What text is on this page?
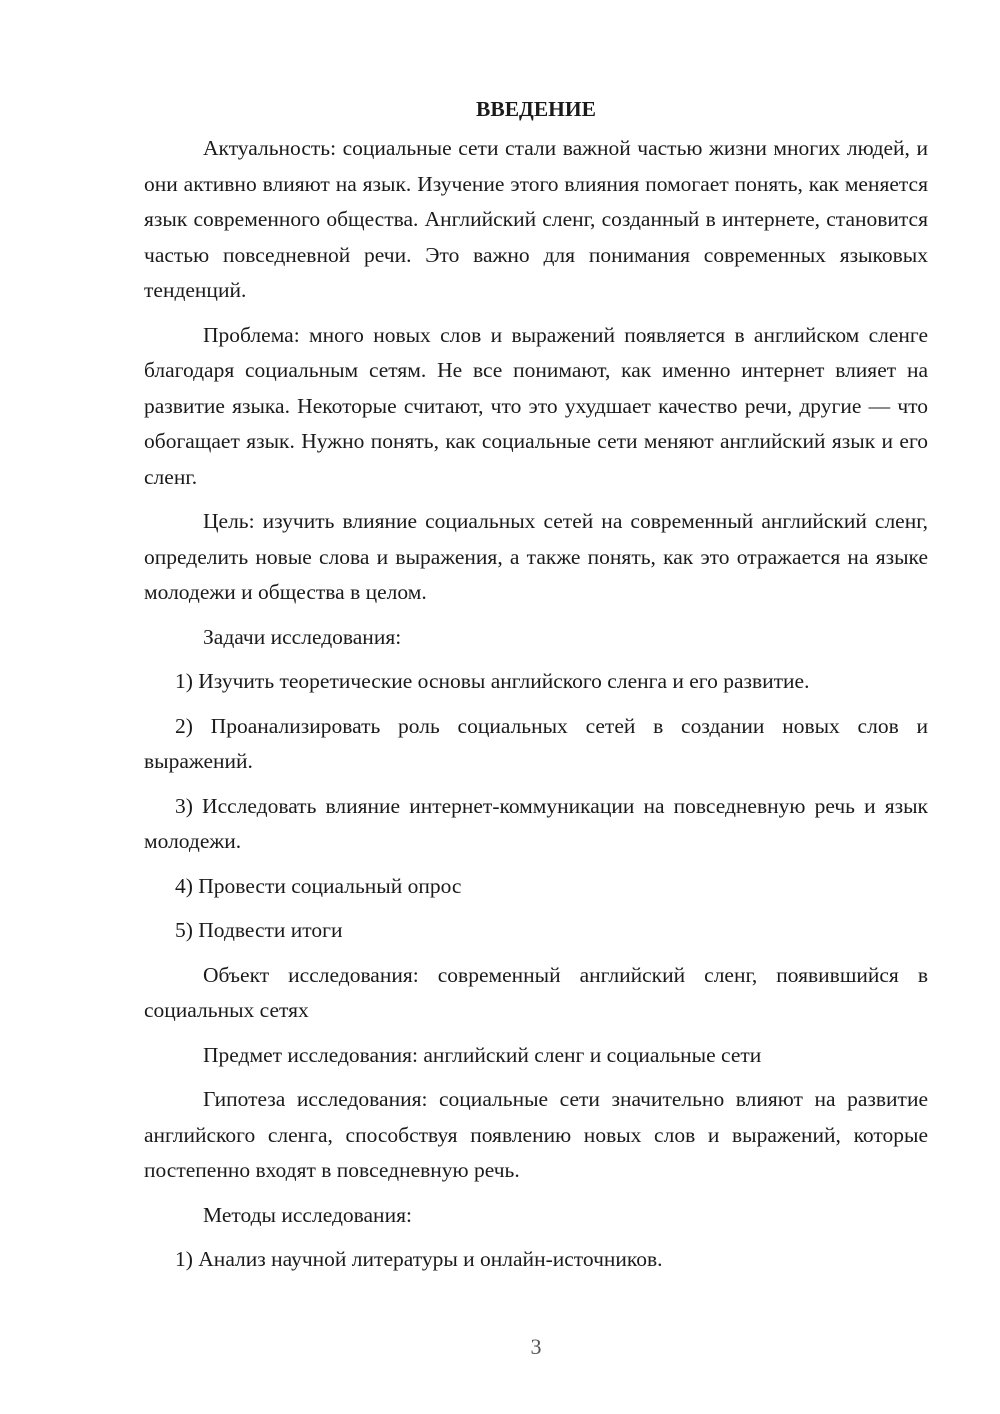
ВВЕДЕНИЕ

Актуальность: социальные сети стали важной частью жизни многих людей, и они активно влияют на язык. Изучение этого влияния помогает понять, как меняется язык современного общества. Английский сленг, созданный в интернете, становится частью повседневной речи. Это важно для понимания современных языковых тенденций.

Проблема: много новых слов и выражений появляется в английском сленге благодаря социальным сетям. Не все понимают, как именно интернет влияет на развитие языка. Некоторые считают, что это ухудшает качество речи, другие — что обогащает язык. Нужно понять, как социальные сети меняют английский язык и его сленг.

Цель: изучить влияние социальных сетей на современный английский сленг, определить новые слова и выражения, а также понять, как это отражается на языке молодежи и общества в целом.

Задачи исследования:

1) Изучить теоретические основы английского сленга и его развитие.

2) Проанализировать роль социальных сетей в создании новых слов и выражений.

3) Исследовать влияние интернет-коммуникации на повседневную речь и язык молодежи.

4) Провести социальный опрос

5) Подвести итоги

Объект исследования: современный английский сленг, появившийся в социальных сетях

Предмет исследования: английский сленг и социальные сети

Гипотеза исследования: социальные сети значительно влияют на развитие английского сленга, способствуя появлению новых слов и выражений, которые постепенно входят в повседневную речь.

Методы исследования:

1) Анализ научной литературы и онлайн-источников.

3
